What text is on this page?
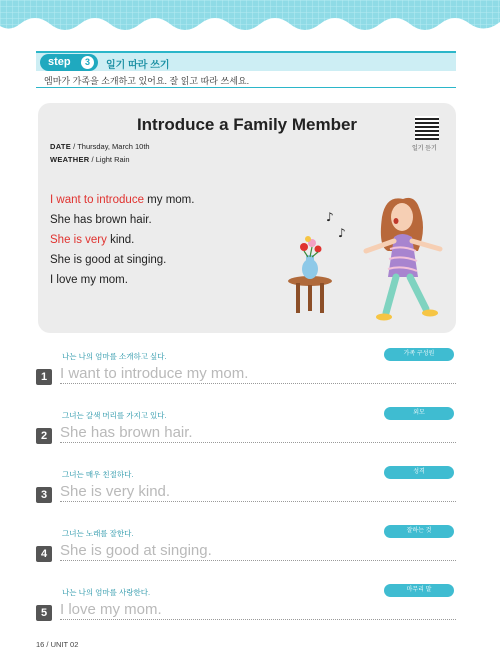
step	3	일기 따라 쓰기
엠마가 가족을 소개하고 있어요. 잘 읽고 따라 쓰세요.
Introduce a Family Member
일기 듣기
DATE / Thursday, March 10th
WEATHER / Light Rain
I want to introduce my mom.
She has brown hair.
She is very kind.
She is good at singing.
I love my mom.
♪
♪
나는 나의 엄마를 소개하고 싶다.	가족 구성원
1 I want to introduce my mom.
그녀는 갈색 머리를 가지고 있다.	외모
2 She has brown hair.
그녀는 매우 친절하다.	성격
3 She is very kind.
그녀는 노래를 잘한다.	잘하는 것
4 She is good at singing.
나는 나의 엄마를 사랑한다.	마무리 말
5 I love my mom.
16 / UNIT 02
